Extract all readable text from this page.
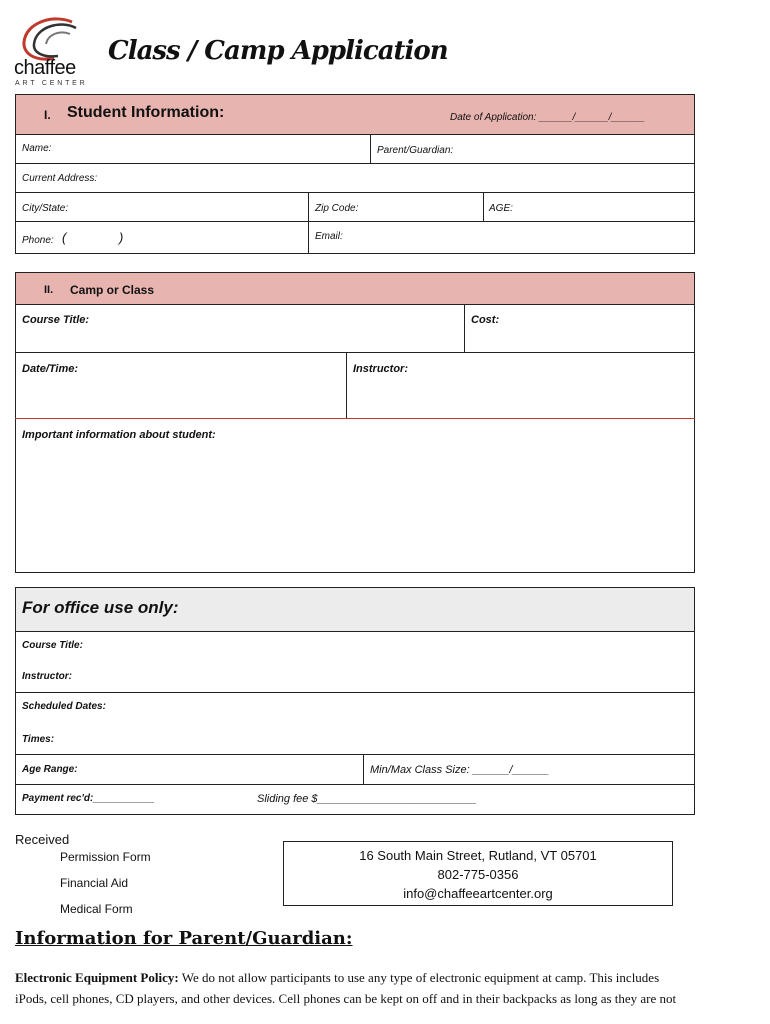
chaffee
ART CENTER
Class / Camp Application
I. Student Information:	Date of Application: ______/______/______
Name:	Parent/Guardian:
Current Address:
City/State:	Zip Code:	AGE:
Phone: (	)	Email:
II. Camp or Class
Course Title:	Cost:
Date/Time:	Instructor:
Important information about student:
For office use only:
Course Title:
Instructor:
Scheduled Dates:
Times:
Age Range:	Min/Max Class Size: ______/______
Payment rec'd:___________	Sliding fee $__________________________
Received
Permission Form
Financial Aid
Medical Form
16 South Main Street, Rutland, VT 05701
802-775-0356
info@chaffeeartcenter.org
Information for Parent/Guardian:
Electronic Equipment Policy: We do not allow participants to use any type of electronic equipment at camp. This includes
iPods, cell phones, CD players, and other devices. Cell phones can be kept on off and in their backpacks as long as they are not
